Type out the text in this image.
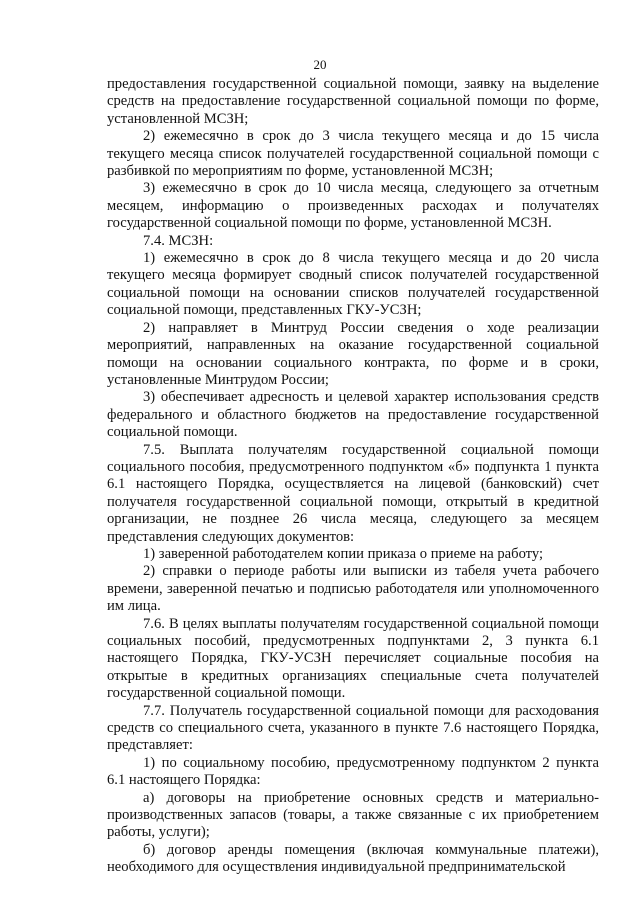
20

предоставления государственной социальной помощи, заявку на выделение средств на предоставление государственной социальной помощи по форме, установленной МСЗН;

2) ежемесячно в срок до 3 числа текущего месяца и до 15 числа текущего месяца список получателей государственной социальной помощи с разбивкой по мероприятиям по форме, установленной МСЗН;

3) ежемесячно в срок до 10 числа месяца, следующего за отчетным месяцем, информацию о произведенных расходах и получателях государственной социальной помощи по форме, установленной МСЗН.

7.4. МСЗН:

1) ежемесячно в срок до 8 числа текущего месяца и до 20 числа текущего месяца формирует сводный список получателей государственной социальной помощи на основании списков получателей государственной социальной помощи, представленных ГКУ-УСЗН;

2) направляет в Минтруд России сведения о ходе реализации мероприятий, направленных на оказание государственной социальной помощи на основании социального контракта, по форме и в сроки, установленные Минтрудом России;

3) обеспечивает адресность и целевой характер использования средств федерального и областного бюджетов на предоставление государственной социальной помощи.

7.5. Выплата получателям государственной социальной помощи социального пособия, предусмотренного подпунктом «б» подпункта 1 пункта 6.1 настоящего Порядка, осуществляется на лицевой (банковский) счет получателя государственной социальной помощи, открытый в кредитной организации, не позднее 26 числа месяца, следующего за месяцем представления следующих документов:

1) заверенной работодателем копии приказа о приеме на работу;

2) справки о периоде работы или выписки из табеля учета рабочего времени, заверенной печатью и подписью работодателя или уполномоченного им лица.

7.6. В целях выплаты получателям государственной социальной помощи социальных пособий, предусмотренных подпунктами 2, 3 пункта 6.1 настоящего Порядка, ГКУ-УСЗН перечисляет социальные пособия на открытые в кредитных организациях специальные счета получателей государственной социальной помощи.

7.7. Получатель государственной социальной помощи для расходования средств со специального счета, указанного в пункте 7.6 настоящего Порядка, представляет:

1) по социальному пособию, предусмотренному подпунктом 2 пункта 6.1 настоящего Порядка:

а) договоры на приобретение основных средств и материально-производственных запасов (товары, а также связанные с их приобретением работы, услуги);

б) договор аренды помещения (включая коммунальные платежи), необходимого для осуществления индивидуальной предпринимательской
